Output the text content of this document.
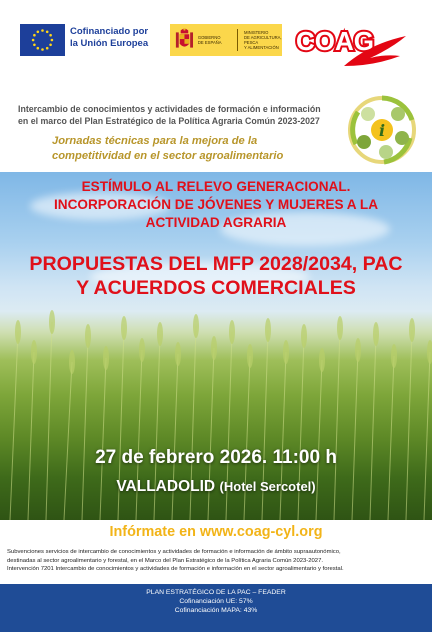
Cofinanciado por
la Unión Europea
GOBIERNO
DE ESPAÑA
MINISTERIO
DE AGRICULTURA, PESCA
Y ALIMENTACIÓN COAG
Intercambio de conocimientos y actividades de formación e información
en el marco del Plan Estratégico de la Política Agraria Común 2023-2027
Jornadas técnicas para la mejora de la
competitividad en el sector agroalimentario
i
ESTÍMULO AL RELEVO GENERACIONAL.
INCORPORACIÓN DE JÓVENES Y MUJERES A LA
ACTIVIDAD AGRARIA
PROPUESTAS DEL MFP 2028/2034, PAC
Y ACUERDOS COMERCIALES
27 de febrero 2026. 11:00 h
VALLADOLID (Hotel Sercotel)
Infórmate en www.coag-cyl.org
Subvenciones servicios de intercambio de conocimientos y actividades de formación e información de ámbito supraautonómico,
destinadas al sector agroalimentario y forestal, en el Marco del Plan Estratégico de la Política Agraria Común 2023-2027.
Intervención 7201 Intercambio de conocimientos y actividades de formación e información en el sector agroalimentario y forestal.
PLAN ESTRATÉGICO DE LA PAC – FEADER
Cofinanciación UE: 57%
Cofinanciación MAPA: 43%
